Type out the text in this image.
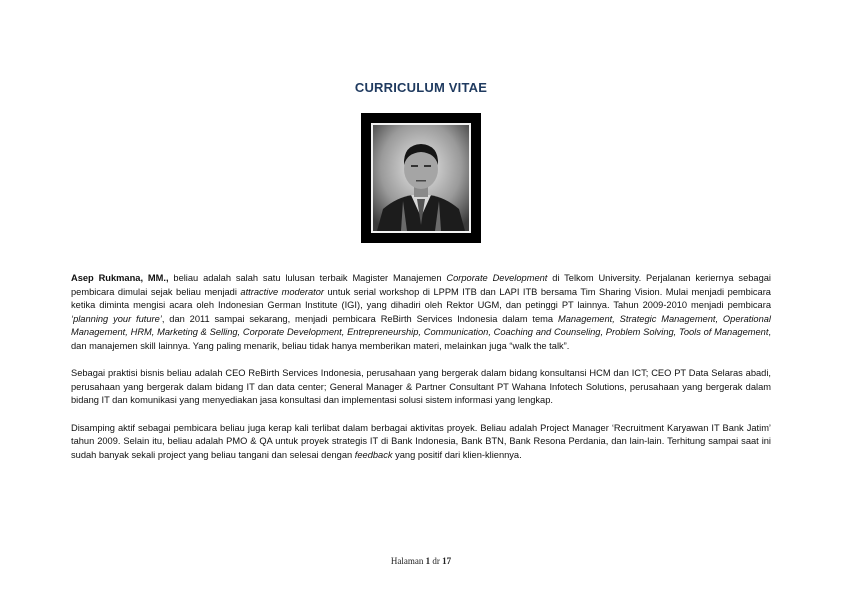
CURRICULUM VITAE

Asep Rukmana, MM., beliau adalah salah satu lulusan terbaik Magister Manajemen Corporate Development di Telkom University. Perjalanan keriernya sebagai pembicara dimulai sejak beliau menjadi attractive moderator untuk serial workshop di LPPM ITB dan LAPI ITB bersama Tim Sharing Vision. Mulai menjadi pembicara ketika diminta mengisi acara oleh Indonesian German Institute (IGI), yang dihadiri oleh Rektor UGM, dan petinggi PT lainnya. Tahun 2009-2010 menjadi pembicara ‘planning your future’, dan 2011 sampai sekarang, menjadi pembicara ReBirth Services Indonesia dalam tema Management, Strategic Management, Operational Management, HRM, Marketing & Selling, Corporate Development, Entrepreneurship, Communication, Coaching and Counseling, Problem Solving, Tools of Management, dan manajemen skill lainnya. Yang paling menarik, beliau tidak hanya memberikan materi, melainkan juga “walk the talk”.

Sebagai praktisi bisnis beliau adalah CEO ReBirth Services Indonesia, perusahaan yang bergerak dalam bidang konsultansi HCM dan ICT; CEO PT Data Selaras abadi, perusahaan yang bergerak dalam bidang IT dan data center; General Manager & Partner Consultant PT Wahana Infotech Solutions, perusahaan yang bergerak dalam bidang IT dan komunikasi yang menyediakan jasa konsultasi dan implementasi solusi sistem informasi yang lengkap.

Disamping aktif sebagai pembicara beliau juga kerap kali terlibat dalam berbagai aktivitas proyek. Beliau adalah Project Manager ‘Recruitment Karyawan IT Bank Jatim’ tahun 2009. Selain itu, beliau adalah PMO & QA untuk proyek strategis IT di Bank Indonesia, Bank BTN, Bank Resona Perdania, dan lain-lain. Terhitung sampai saat ini sudah banyak sekali project yang beliau tangani dan selesai dengan feedback yang positif dari klien-kliennya.

Halaman 1 dr 17
